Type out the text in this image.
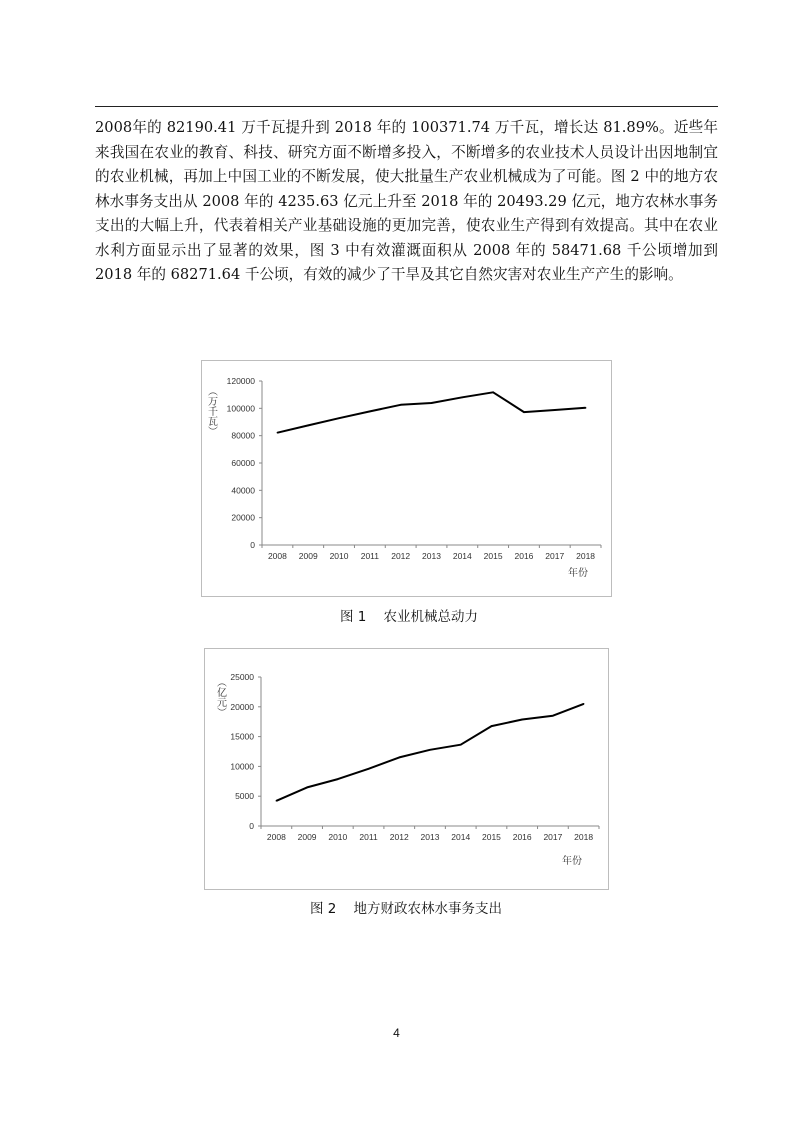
2008年的 82190.41 万千瓦提升到 2018 年的 100371.74 万千瓦，增长达 81.89%。近些年来我国在农业的教育、科技、研究方面不断增多投入，不断增多的农业技术人员设计出因地制宜的农业机械，再加上中国工业的不断发展，使大批量生产农业机械成为了可能。图 2 中的地方农林水事务支出从 2008 年的 4235.63 亿元上升至 2018 年的 20493.29 亿元，地方农林水事务支出的大幅上升，代表着相关产业基础设施的更加完善，使农业生产得到有效提高。其中在农业水利方面显示出了显著的效果，图 3 中有效灌溉面积从 2008 年的 58471.68 千公顷增加到 2018 年的 68271.64 千公顷，有效的减少了干旱及其它自然灾害对农业生产产生的影响。

0
20000
40000
60000
80000
100000
120000
2008 2009 2010 2011 2012 2013 2014 2015 2016 2017 2018
（万千瓦）
年份
图 1    农业机械总动力
0
5000
10000
15000
20000
25000
2008 2009 2010 2011 2012 2013 2014 2015 2016 2017 2018
（亿元）
年份
图 2    地方财政农林水事务支出
4
